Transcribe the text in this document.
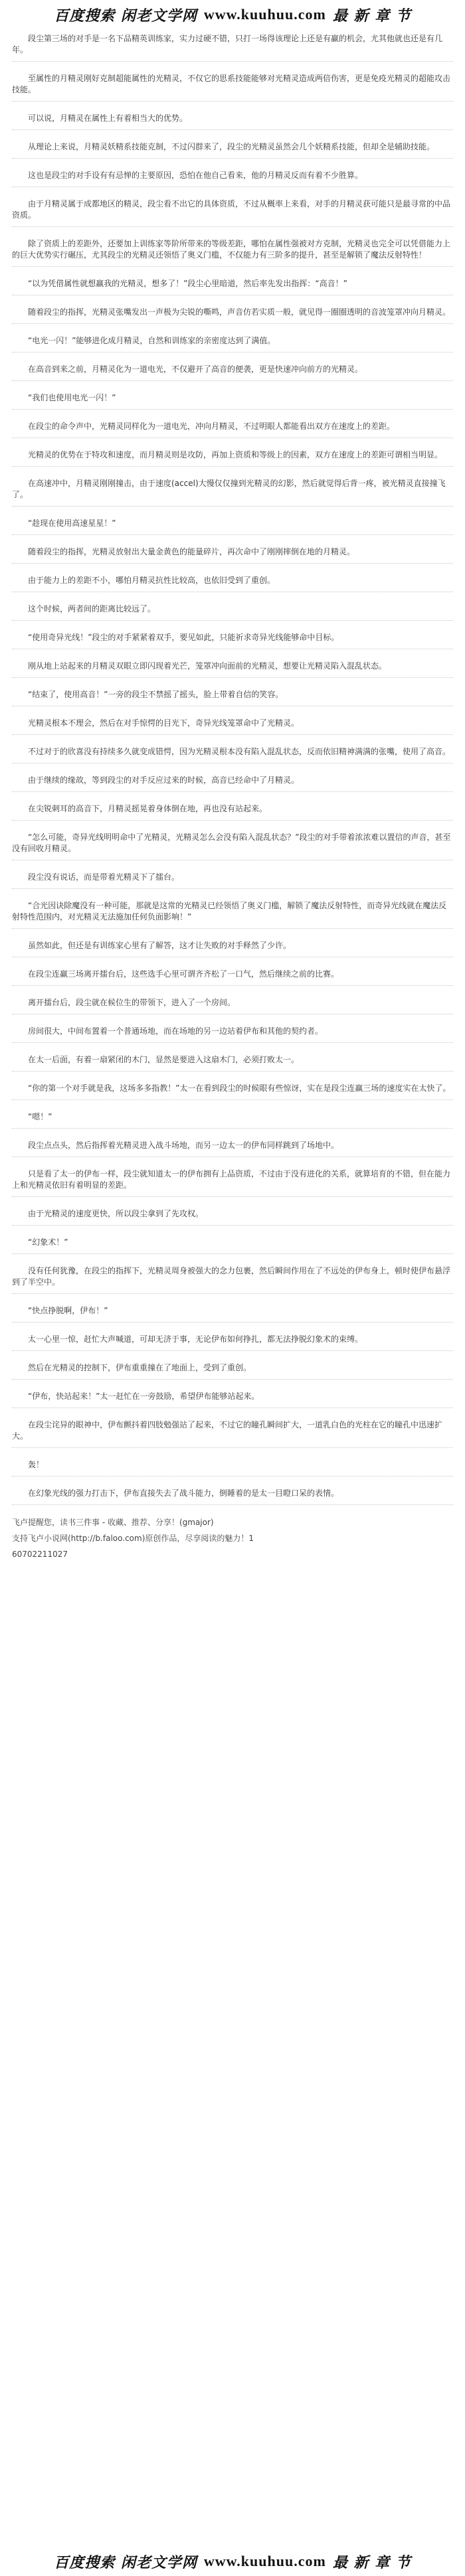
百度搜索 闲老文学网 www.kuuhuu.com 最 新 章 节

段尘第三场的对手是一名下品精英训练家，实力过硬不错，只打一场得该理论上还是有赢的机会，尤其他就也还是有几年。

至属性的月精灵刚好克制超能属性的光精灵，不仅它的思系技能能够对光精灵造成两倍伤害，更是免疫光精灵的超能攻击技能。

可以说，月精灵在属性上有着相当大的优势。

从理论上来说，月精灵妖精系技能克制，不过闪群来了，段尘的光精灵虽然会几个妖精系技能，但却全是辅助技能。

这也是段尘的对手设有有忌惮的主要原因，恐怕在他自己看来，他的月精灵反而有着不少胜算。

由于月精灵属于成都地区的精灵，段尘看不出它的具体资质，不过从概率上来看，对手的月精灵获可能只是最寻常的中品资质。

除了资质上的差距外，还要加上训练家等阶所带来的等级差距，哪怕在属性强被对方克制，光精灵也完全可以凭借能力上的巨大优势实行碾压，尤其段尘的光精灵还领悟了奥义门槛，不仅能力有三阶多的提升，甚至是解锁了魔法反射特性！

“以为凭借属性就想赢我的光精灵，想多了！”段尘心里暗道，然后率先发出指挥：“高音！”

随着段尘的指挥，光精灵张嘴发出一声极为尖锐的嘶鸣，声音仿若实质一般，就见得一圈圈透明的音波笼罩冲向月精灵。

“电光一闪！”能够进化成月精灵，自然和训练家的亲密度达到了满值。

在高音到来之前，月精灵化为一道电光，不仅避开了高音的便袭，更是快速冲向前方的光精灵。

“我们也使用电光一闪！”

在段尘的命令声中，光精灵同样化为一道电光，冲向月精灵，不过明眼人都能看出双方在速度上的差距。

光精灵的优势在于特攻和速度，而月精灵则是攻防，再加上资质和等级上的因素，双方在速度上的差距可谓相当明显。

在高速冲中，月精灵刚刚撞击，由于速度(accel)大慢仅仅撞到光精灵的幻影，然后就觉得后背一疼，被光精灵直接撞飞了。

“趁现在使用高速星星！”

随着段尘的指挥，光精灵放射出大量金黄色的能量碎片，再次命中了刚刚摔倒在地的月精灵。

由于能力上的差距不小，哪怕月精灵抗性比较高，也依旧受到了重创。

这个时候，两者间的距离比较远了。

“使用奇异光线！”段尘的对手紧紧着双手，要见如此，只能祈求奇异光线能够命中目标。

刚从地上站起来的月精灵双眼立即闪现着光芒，笼罩冲向面前的光精灵，想要让光精灵陷入混乱状态。

“结束了，使用高音！”一旁的段尘不禁摇了摇头，脸上带着自信的笑容。

光精灵根本不理会，然后在对手惊愕的目光下，奇异光线笼罩命中了光精灵。

不过对于的欣喜没有持续多久就变成错愕，因为光精灵根本没有陷入混乱状态，反而依旧精神满满的张嘴，使用了高音。

由于继续的缘故，等到段尘的对手反应过来的时候，高音已经命中了月精灵。

在尖锐刺耳的高音下，月精灵摇晃着身体倒在地，再也没有站起来。

“怎么可能，奇异光线明明命中了光精灵，光精灵怎么会没有陷入混乱状态？”段尘的对手带着浓浓难以置信的声音，甚至没有回收月精灵。

段尘没有说话，而是带着光精灵下了擂台。

“合光因诀除魔没有一种可能，那就是这常的光精灵已经领悟了奥义门槛，解锁了魔法反射特性，而奇异光线就在魔法反射特性范围内，对光精灵无法施加任何负面影响！”

虽然如此，但还是有训练家心里有了解答，这才让失败的对手释然了少许。

在段尘连赢三场离开擂台后，这些选手心里可谓齐齐松了一口气，然后继续之前的比赛。

离开擂台后，段尘就在候位生的带领下，进入了一个房间。

房间很大，中间布置着一个普通场地，而在场地的另一边站着伊布和其他的契约者。

在太一后面，有着一扇紧闭的木门，显然是要进入这扇木门，必须打败太一。

“你的第一个对手就是我，这场多多指教！”太一在看到段尘的时候眼有些惊讶，实在是段尘连赢三场的速度实在太快了。

“嗯！”

段尘点点头，然后指挥着光精灵进入战斗场地，而另一边太一的伊布同样跳到了场地中。

只是看了太一的伊布一样，段尘就知道太一的伊布拥有上品资质，不过由于没有进化的关系，就算培育的不错，但在能力上和光精灵依旧有着明显的差距。

由于光精灵的速度更快，所以段尘拿到了先攻权。

“幻象术！”

没有任何犹豫，在段尘的指挥下，光精灵周身被强大的念力包裹，然后瞬间作用在了不远处的伊布身上，顿时使伊布悬浮到了半空中。

“快点挣脱啊，伊布！”

太一心里一惊，赶忙大声喊道，可却无济于事，无论伊布如何挣扎，都无法挣脱幻象术的束缚。

然后在光精灵的控制下，伊布重重撞在了地面上，受到了重创。

“伊布，快站起来！”太一赶忙在一旁鼓励，希望伊布能够站起来。

在段尘诧异的眼神中，伊布颤抖着四肢勉强站了起来，不过它的瞳孔瞬间扩大，一道乳白色的光柱在它的瞳孔中迅速扩大。

轰！

在幻象光线的强力打击下，伊布直接失去了战斗能力，倒睡着的是太一目瞪口呆的表情。

飞卢提醒您，读书三件事 - 收藏、推荐、分享！(gmajor)
支持飞卢小说网(http://b.faloo.com)原创作品，尽享阅读的魅力！1
60702211027
百度搜索 闲老文学网 www.kuuhuu.com 最 新 章 节
